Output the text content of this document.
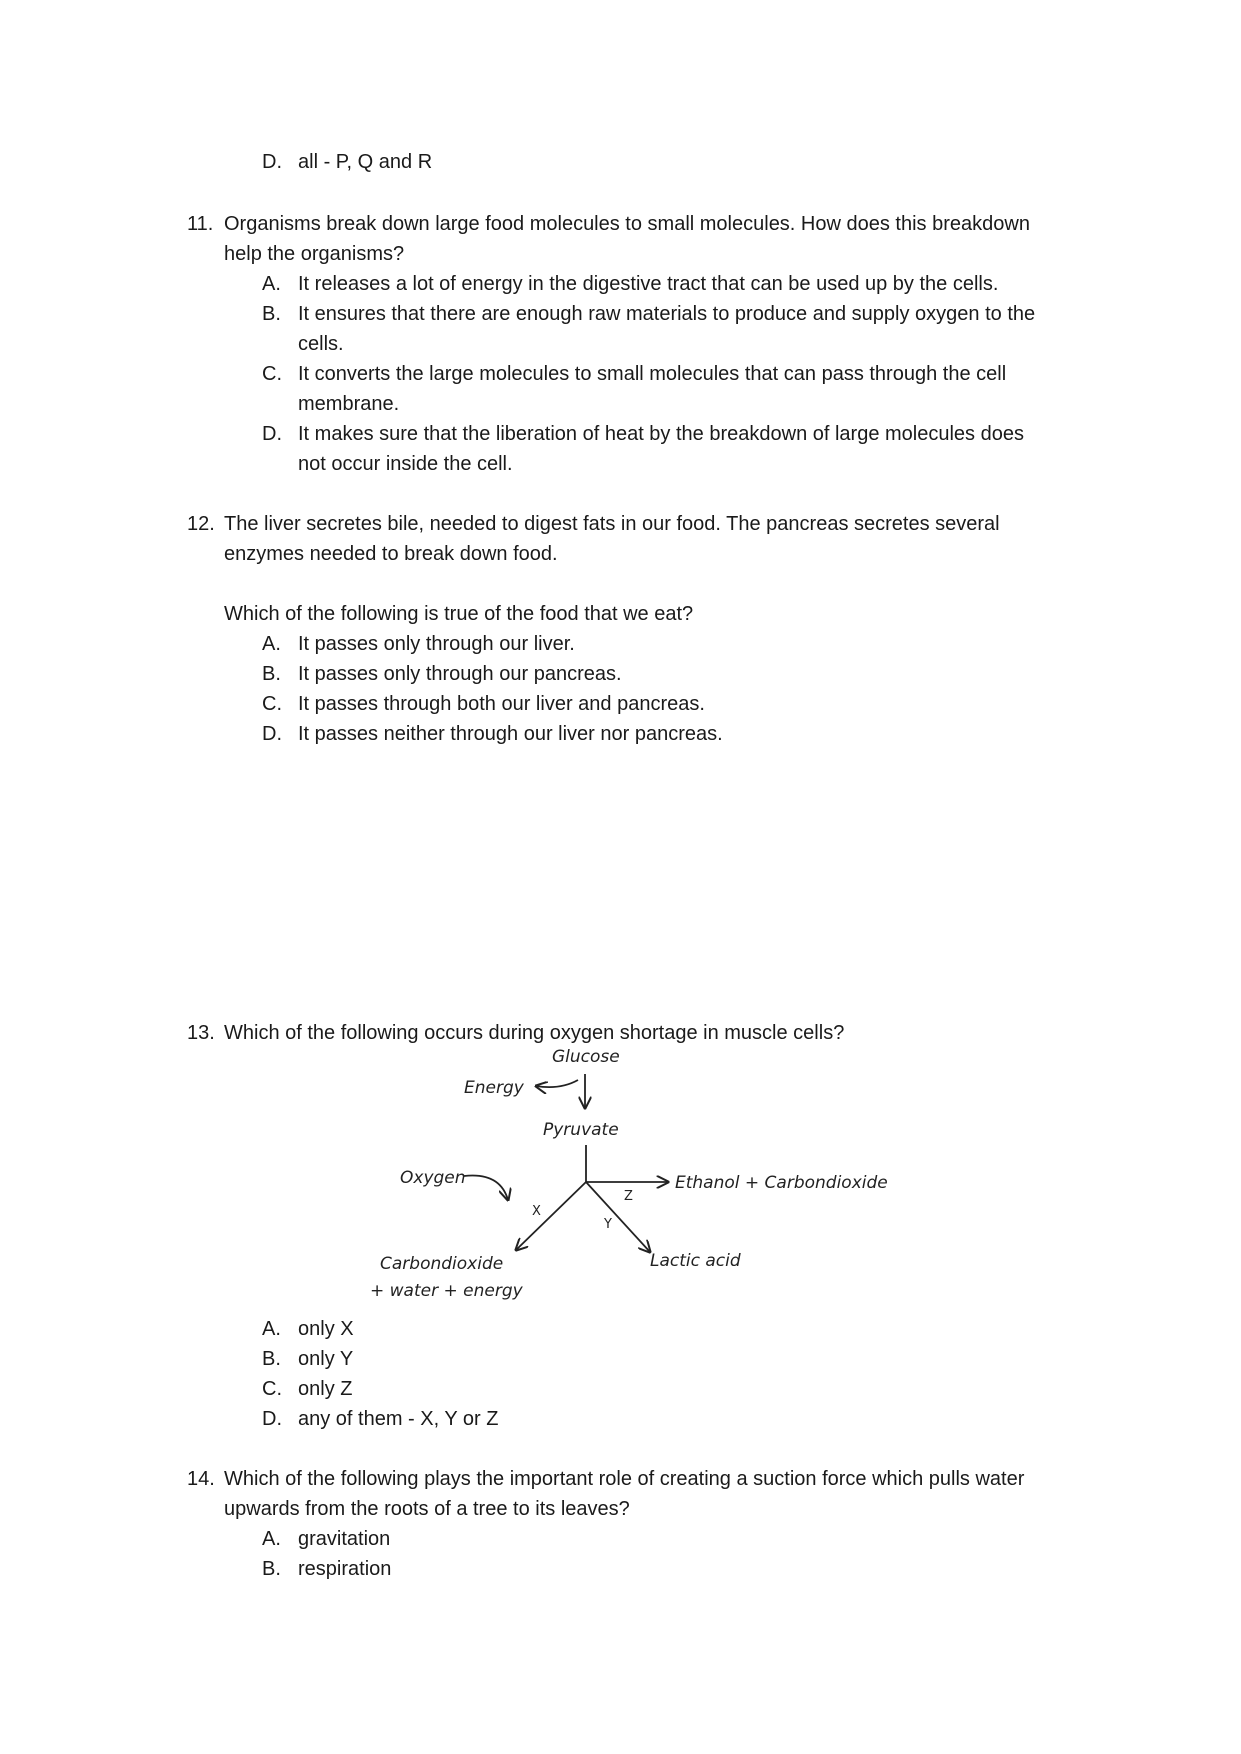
D. all - P, Q and R
11. Organisms break down large food molecules to small molecules. How does this breakdown
help the organisms?
A. It releases a lot of energy in the digestive tract that can be used up by the cells.
B. It ensures that there are enough raw materials to produce and supply oxygen to the
cells.
C. It converts the large molecules to small molecules that can pass through the cell
membrane.
D. It makes sure that the liberation of heat by the breakdown of large molecules does
not occur inside the cell.
12. The liver secretes bile, needed to digest fats in our food. The pancreas secretes several
enzymes needed to break down food.
Which of the following is true of the food that we eat?
A. It passes only through our liver.
B. It passes only through our pancreas.
C. It passes through both our liver and pancreas.
D. It passes neither through our liver nor pancreas.
13. Which of the following occurs during oxygen shortage in muscle cells?
Glucose
Energy
Pyruvate
Z
Ethanol + Carbondioxide
Y
Lactic acid
X
Oxygen
Carbondioxide
+ water + energy
A. only X
B. only Y
C. only Z
D. any of them - X, Y or Z
14. Which of the following plays the important role of creating a suction force which pulls water
upwards from the roots of a tree to its leaves?
A. gravitation
B. respiration
